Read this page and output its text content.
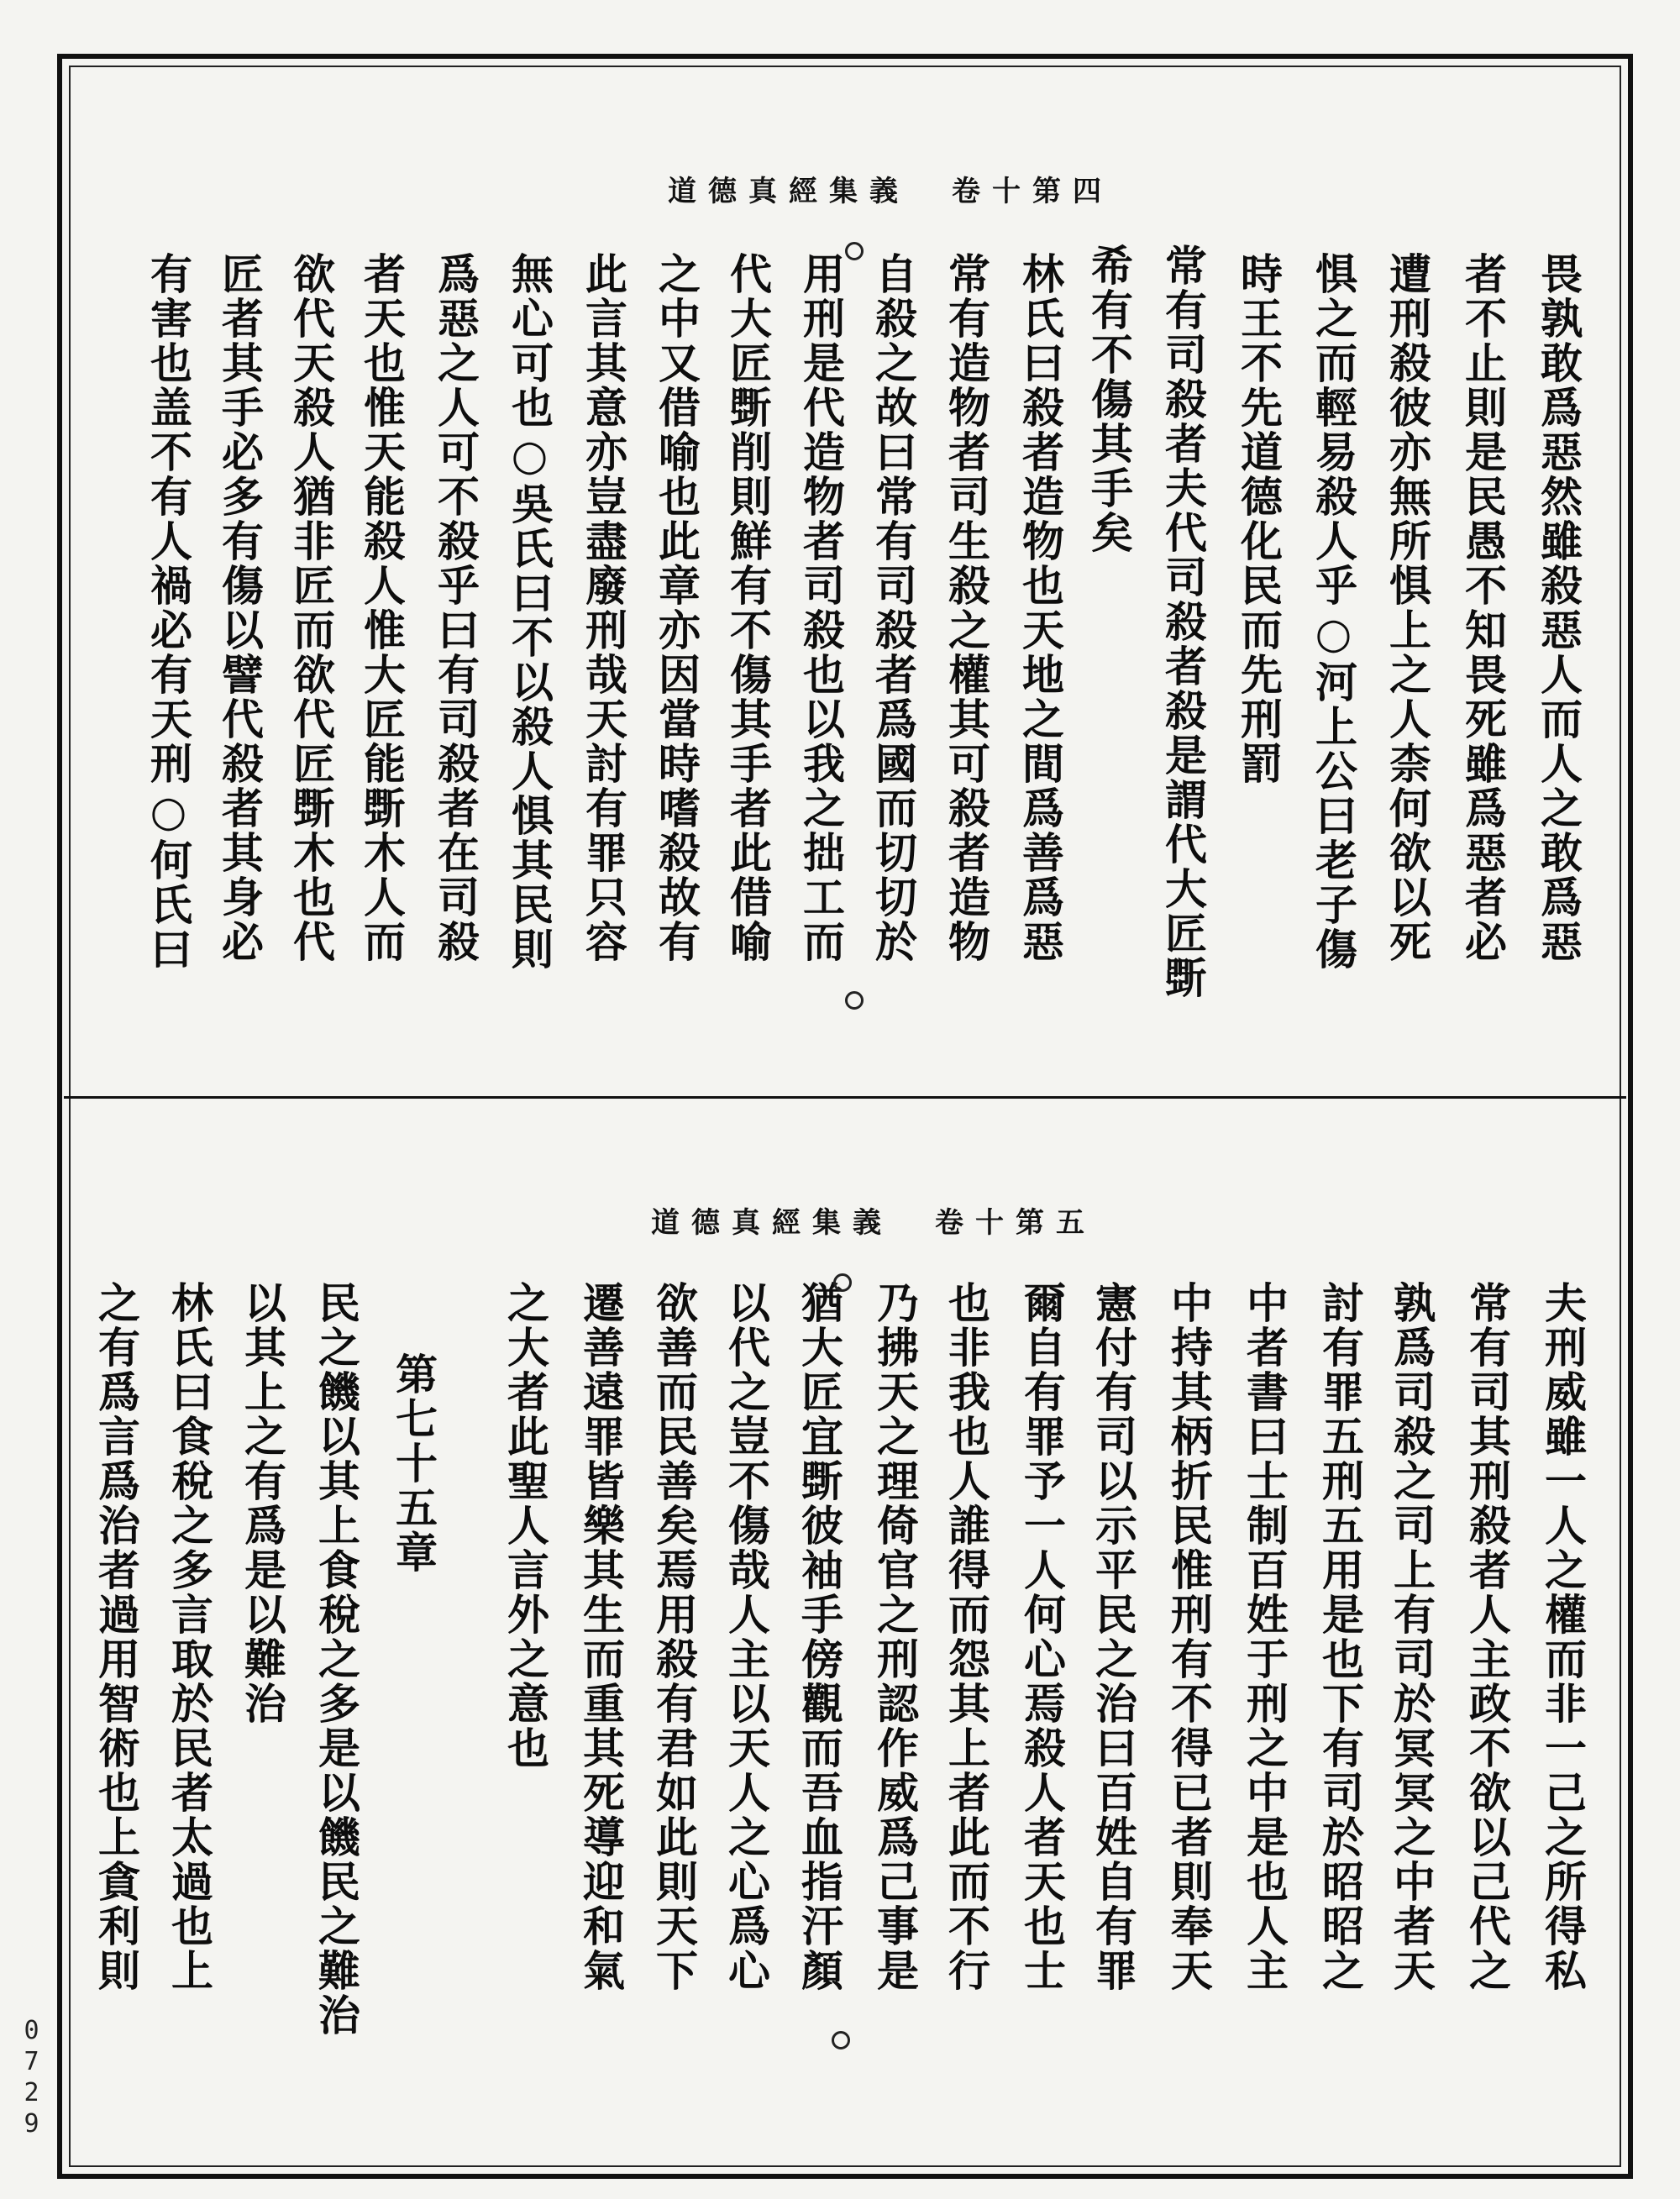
道德真經集義 卷十第四
畏孰敢爲惡然雖殺惡人而人之敢爲惡
者不止則是民愚不知畏死雖爲惡者必
遭刑殺彼亦無所惧上之人柰何欲以死
惧之而輕易殺人乎○河上公曰老子傷
時王不先道德化民而先刑罰
常有司殺者夫代司殺者殺是謂代大匠斲
希有不傷其手矣
林氏曰殺者造物也天地之間爲善爲惡
常有造物者司生殺之權其可殺者造物
自殺之故曰常有司殺者爲國而切切於
用刑是代造物者司殺也以我之拙工而
代大匠斲削則鮮有不傷其手者此借喻
之中又借喻也此章亦因當時嗜殺故有
此言其意亦豈盡廢刑哉天討有罪只容
無心可也○吳氏曰不以殺人惧其民則
爲惡之人可不殺乎曰有司殺者在司殺
者天也惟天能殺人惟大匠能斲木人而
欲代天殺人猶非匠而欲代匠斲木也代
匠者其手必多有傷以譬代殺者其身必
有害也盖不有人禍必有天刑○何氏曰
道德真經集義 卷十第五
夫刑威雖一人之權而非一己之所得私
常有司其刑殺者人主政不欲以己代之
孰爲司殺之司上有司於冥冥之中者天
討有罪五刑五用是也下有司於昭昭之
中者書曰士制百姓于刑之中是也人主
中持其柄折民惟刑有不得已者則奉天
憲付有司以示平民之治曰百姓自有罪
爾自有罪予一人何心焉殺人者天也士
也非我也人誰得而怨其上者此而不行
乃拂天之理倚官之刑認作威爲己事是
猶大匠宜斲彼袖手傍觀而吾血指汗顏
以代之豈不傷哉人主以天人之心爲心
欲善而民善矣焉用殺有君如此則天下
遷善遠罪皆樂其生而重其死導迎和氣
之大者此聖人言外之意也
第七十五章
民之饑以其上食稅之多是以饑民之難治
以其上之有爲是以難治
林氏曰食稅之多言取於民者太過也上
之有爲言爲治者過用智術也上貪利則
0729
